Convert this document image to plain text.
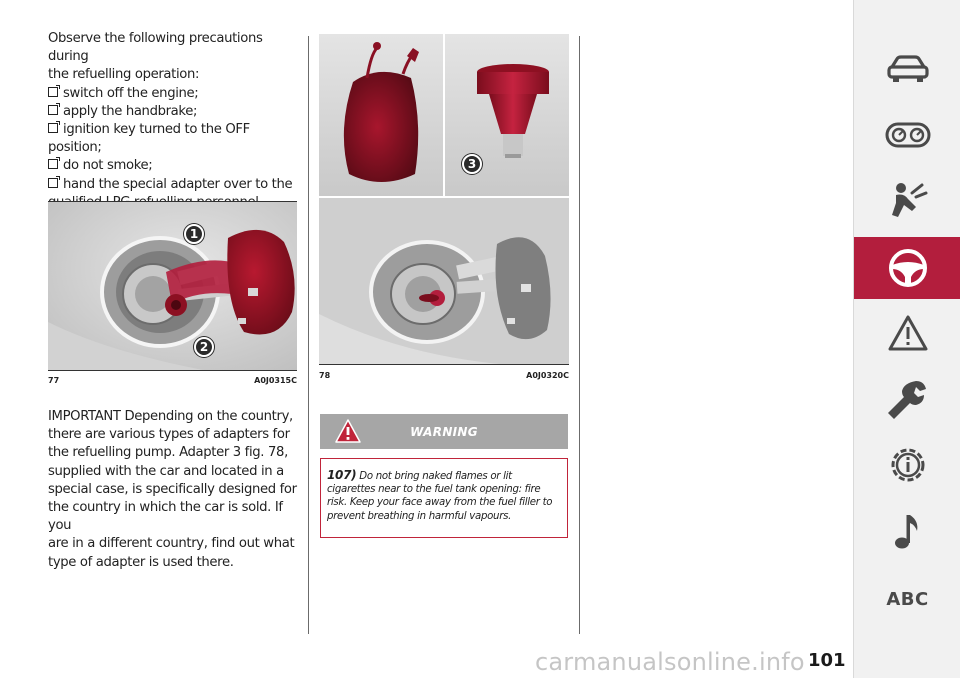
Observe the following precautions during
the refuelling operation:
switch off the engine;
apply the handbrake;
ignition key turned to the OFF
position;
do not smoke;
hand the special adapter over to the
1
2
77	A0J0315C
IMPORTANT Depending on the country,
there are various types of adapters for
the refuelling pump. Adapter 3 fig. 78,
supplied with the car and located in a
special case, is specifically designed for
the country in which the car is sold. If you
are in a different country, find out what
type of adapter is used there.
3
78	A0J0320C
WARNING
107) Do not bring naked flames or lit cigarettes near to the fuel tank opening: fire risk. Keep your face away from the fuel filler to prevent breathing in harmful vapours.
ABC
101
carmanualsonline.info
